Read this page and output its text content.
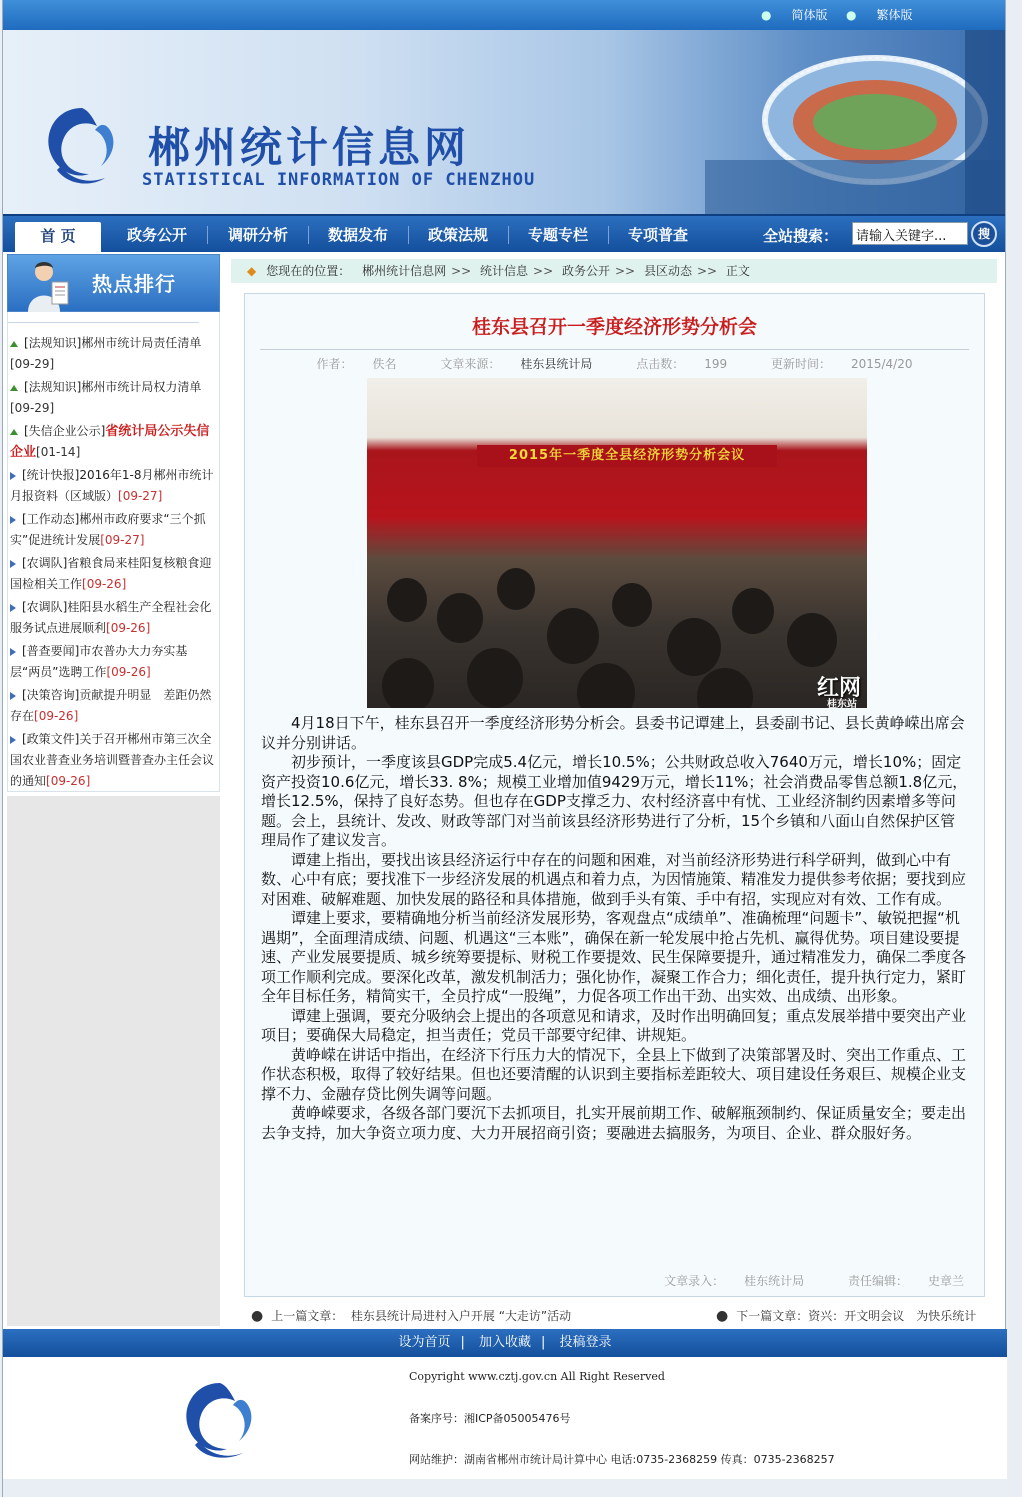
● 简体版 ● 繁体版
郴州统计信息网
STATISTICAL INFORMATION OF CHENZHOU
首 页	政务公开	调研分析	数据发布	政策法规	专题专栏	专项普查	全站搜索：	请输入关键字...	搜
热点排行
[法规知识]郴州市统计局责任清单
[09-29]
[法规知识]郴州市统计局权力清单
[09-29]
[失信企业公示]省统计局公示失信企业[01-14]
[统计快报]2016年1-8月郴州市统计月报资料（区域版）[09-27]
[工作动态]郴州市政府要求“三个抓实”促进统计发展[09-27]
[农调队]省粮食局来桂阳复核粮食迎国检相关工作[09-26]
[农调队]桂阳县水稻生产全程社会化服务试点进展顺利[09-26]
[普查要闻]市农普办大力夯实基层“两员”选聘工作[09-26]
[决策咨询]贡献提升明显　差距仍然存在[09-26]
[政策文件]关于召开郴州市第三次全国农业普查业务培训暨普查办主任会议的通知[09-26]
◆ 您现在的位置： 郴州统计信息网 >> 统计信息 >> 政务公开 >> 县区动态 >> 正文
桂东县召开一季度经济形势分析会
作者： 佚名	文章来源： 桂东县统计局	点击数： 199	更新时间： 2015/4/20
2015年一季度全县经济形势分析会议
红网
桂东站

4月18日下午，桂东县召开一季度经济形势分析会。县委书记谭建上，县委副书记、县长黄峥嵘出席会议并分别讲话。

初步预计，一季度该县GDP完成5.4亿元，增长10.5%；公共财政总收入7640万元，增长10%；固定资产投资10.6亿元，增长33. 8%；规模工业增加值9429万元，增长11%；社会消费品零售总额1.8亿元，增长12.5%，保持了良好态势。但也存在GDP支撑乏力、农村经济喜中有忧、工业经济制约因素增多等问题。会上，县统计、发改、财政等部门对当前该县经济形势进行了分析，15个乡镇和八面山自然保护区管理局作了建议发言。

谭建上指出，要找出该县经济运行中存在的问题和困难，对当前经济形势进行科学研判，做到心中有数、心中有底；要找准下一步经济发展的机遇点和着力点，为因情施策、精准发力提供参考依据；要找到应对困难、破解难题、加快发展的路径和具体措施，做到手头有策、手中有招，实现应对有效、工作有成。

谭建上要求，要精确地分析当前经济发展形势，客观盘点“成绩单”、准确梳理“问题卡”、敏锐把握“机遇期”，全面理清成绩、问题、机遇这“三本账”，确保在新一轮发展中抢占先机、赢得优势。项目建设要提速、产业发展要提质、城乡统筹要提标、财税工作要提效、民生保障要提升，通过精准发力，确保二季度各项工作顺利完成。要深化改革，激发机制活力；强化协作，凝聚工作合力；细化责任，提升执行定力，紧盯全年目标任务，精简实干，全员拧成“一股绳”，力促各项工作出干劲、出实效、出成绩、出形象。

谭建上强调，要充分吸纳会上提出的各项意见和请求，及时作出明确回复；重点发展举措中要突出产业项目；要确保大局稳定，担当责任；党员干部要守纪律、讲规矩。

黄峥嵘在讲话中指出，在经济下行压力大的情况下，全县上下做到了决策部署及时、突出工作重点、工作状态积极，取得了较好结果。但也还要清醒的认识到主要指标差距较大、项目建设任务艰巨、规模企业支撑不力、金融存贷比例失调等问题。

黄峥嵘要求，各级各部门要沉下去抓项目，扎实开展前期工作、破解瓶颈制约、保证质量安全；要走出去争支持，加大争资立项力度、大力开展招商引资；要融进去搞服务，为项目、企业、群众服好务。

文章录入： 桂东统计局	责任编辑： 史章兰
● 上一篇文章： 桂东县统计局进村入户开展 “大走访”活动	● 下一篇文章：资兴：开文明会议　为快乐统计
设为首页 | 加入收藏 | 投稿登录
Copyright www.cztj.gov.cn All Right Reserved
备案序号：湘ICP备05005476号
网站维护：湖南省郴州市统计局计算中心 电话:0735-2368259 传真：0735-2368257
